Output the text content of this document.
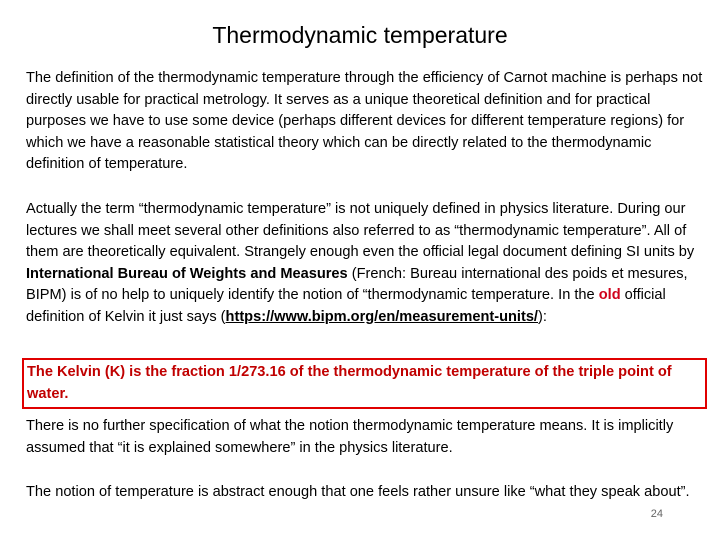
Thermodynamic temperature

The definition of the thermodynamic temperature through the efficiency of Carnot machine is perhaps not directly usable for practical metrology. It serves as a unique theoretical definition and for practical purposes we have to use some device (perhaps different devices for different temperature regions) for which we have a reasonable statistical theory which can be directly related to the thermodynamic definition of temperature.

Actually the term “thermodynamic temperature” is not uniquely defined in physics literature. During our lectures we shall meet several other definitions also referred to as “thermodynamic temperature”. All of them are theoretically equivalent. Strangely enough even the official legal document defining SI units by International Bureau of Weights and Measures (French: Bureau international des poids et mesures, BIPM) is of no help to uniquely identify the notion of “thermodynamic temperature. In the old official definition of Kelvin it just says (https://www.bipm.org/en/measurement-units/):

The Kelvin (K) is the fraction 1/273.16 of the thermodynamic temperature of the triple point of water.

There is no further specification of what the notion thermodynamic temperature means. It is implicitly assumed that “it is explained somewhere” in the physics literature.

The notion of temperature is abstract enough that one feels rather unsure like “what they speak about”.

24
